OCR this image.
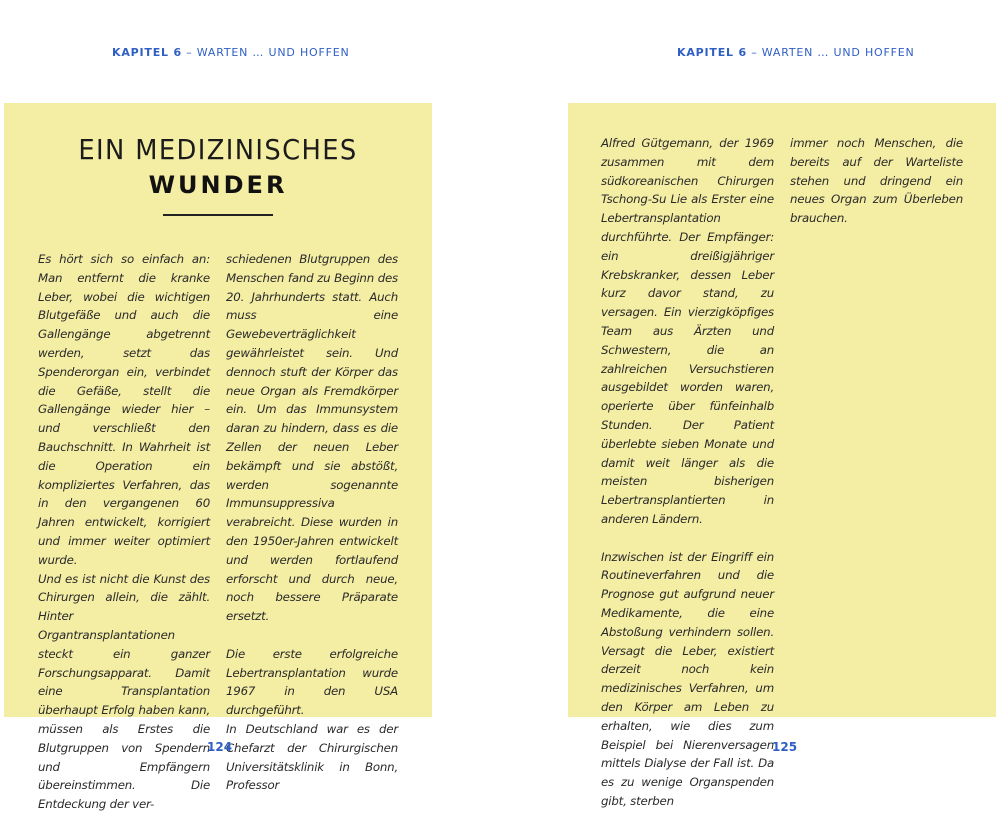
KAPITEL 6 – WARTEN … UND HOFFEN
EIN MEDIZINISCHES
WUNDER

Es hört sich so einfach an: Man entfernt die kranke Leber, wobei die wichtigen Blutgefäße und auch die Gallengänge abgetrennt werden, setzt das Spenderorgan ein, verbindet die Gefäße, stellt die Gallengänge wieder hier – und verschließt den Bauchschnitt. In Wahrheit ist die Operation ein kompliziertes Verfahren, das in den vergangenen 60 Jahren entwickelt, korrigiert und immer weiter optimiert wurde.

Und es ist nicht die Kunst des Chirurgen allein, die zählt. Hinter Organtransplantationen steckt ein ganzer Forschungsapparat. Damit eine Transplantation überhaupt Erfolg haben kann, müssen als Erstes die Blutgruppen von Spendern und Empfängern übereinstimmen. Die Entdeckung der ver-

schiedenen Blutgruppen des Menschen fand zu Beginn des 20. Jahrhunderts statt. Auch muss eine Gewebeverträglichkeit gewährleistet sein. Und dennoch stuft der Körper das neue Organ als Fremdkörper ein. Um das Immunsystem daran zu hindern, dass es die Zellen der neuen Leber bekämpft und sie abstößt, werden sogenannte Immunsuppressiva verabreicht. Diese wurden in den 1950er-Jahren entwickelt und werden fortlaufend erforscht und durch neue, noch bessere Präparate ersetzt.

Die erste erfolgreiche Lebertransplantation wurde 1967 in den USA durchgeführt.

In Deutschland war es der Chefarzt der Chirurgischen Universitätsklinik in Bonn, Professor

124
KAPITEL 6 – WARTEN … UND HOFFEN

Alfred Gütgemann, der 1969 zusammen mit dem südkoreanischen Chirurgen Tschong-Su Lie als Erster eine Lebertransplantation durchführte. Der Empfänger: ein dreißigjähriger Krebskranker, dessen Leber kurz davor stand, zu versagen. Ein vierzigköpfiges Team aus Ärzten und Schwestern, die an zahlreichen Versuchstieren ausgebildet worden waren, operierte über fünfeinhalb Stunden. Der Patient überlebte sieben Monate und damit weit länger als die meisten bisherigen Lebertransplantierten in anderen Ländern.

Inzwischen ist der Eingriff ein Routineverfahren und die Prognose gut aufgrund neuer Medikamente, die eine Abstoßung verhindern sollen. Versagt die Leber, existiert derzeit noch kein medizinisches Verfahren, um den Körper am Leben zu erhalten, wie dies zum Beispiel bei Nierenversagen mittels Dialyse der Fall ist. Da es zu wenige Organspenden gibt, sterben

immer noch Menschen, die bereits auf der Warteliste stehen und dringend ein neues Organ zum Überleben brauchen.

125
